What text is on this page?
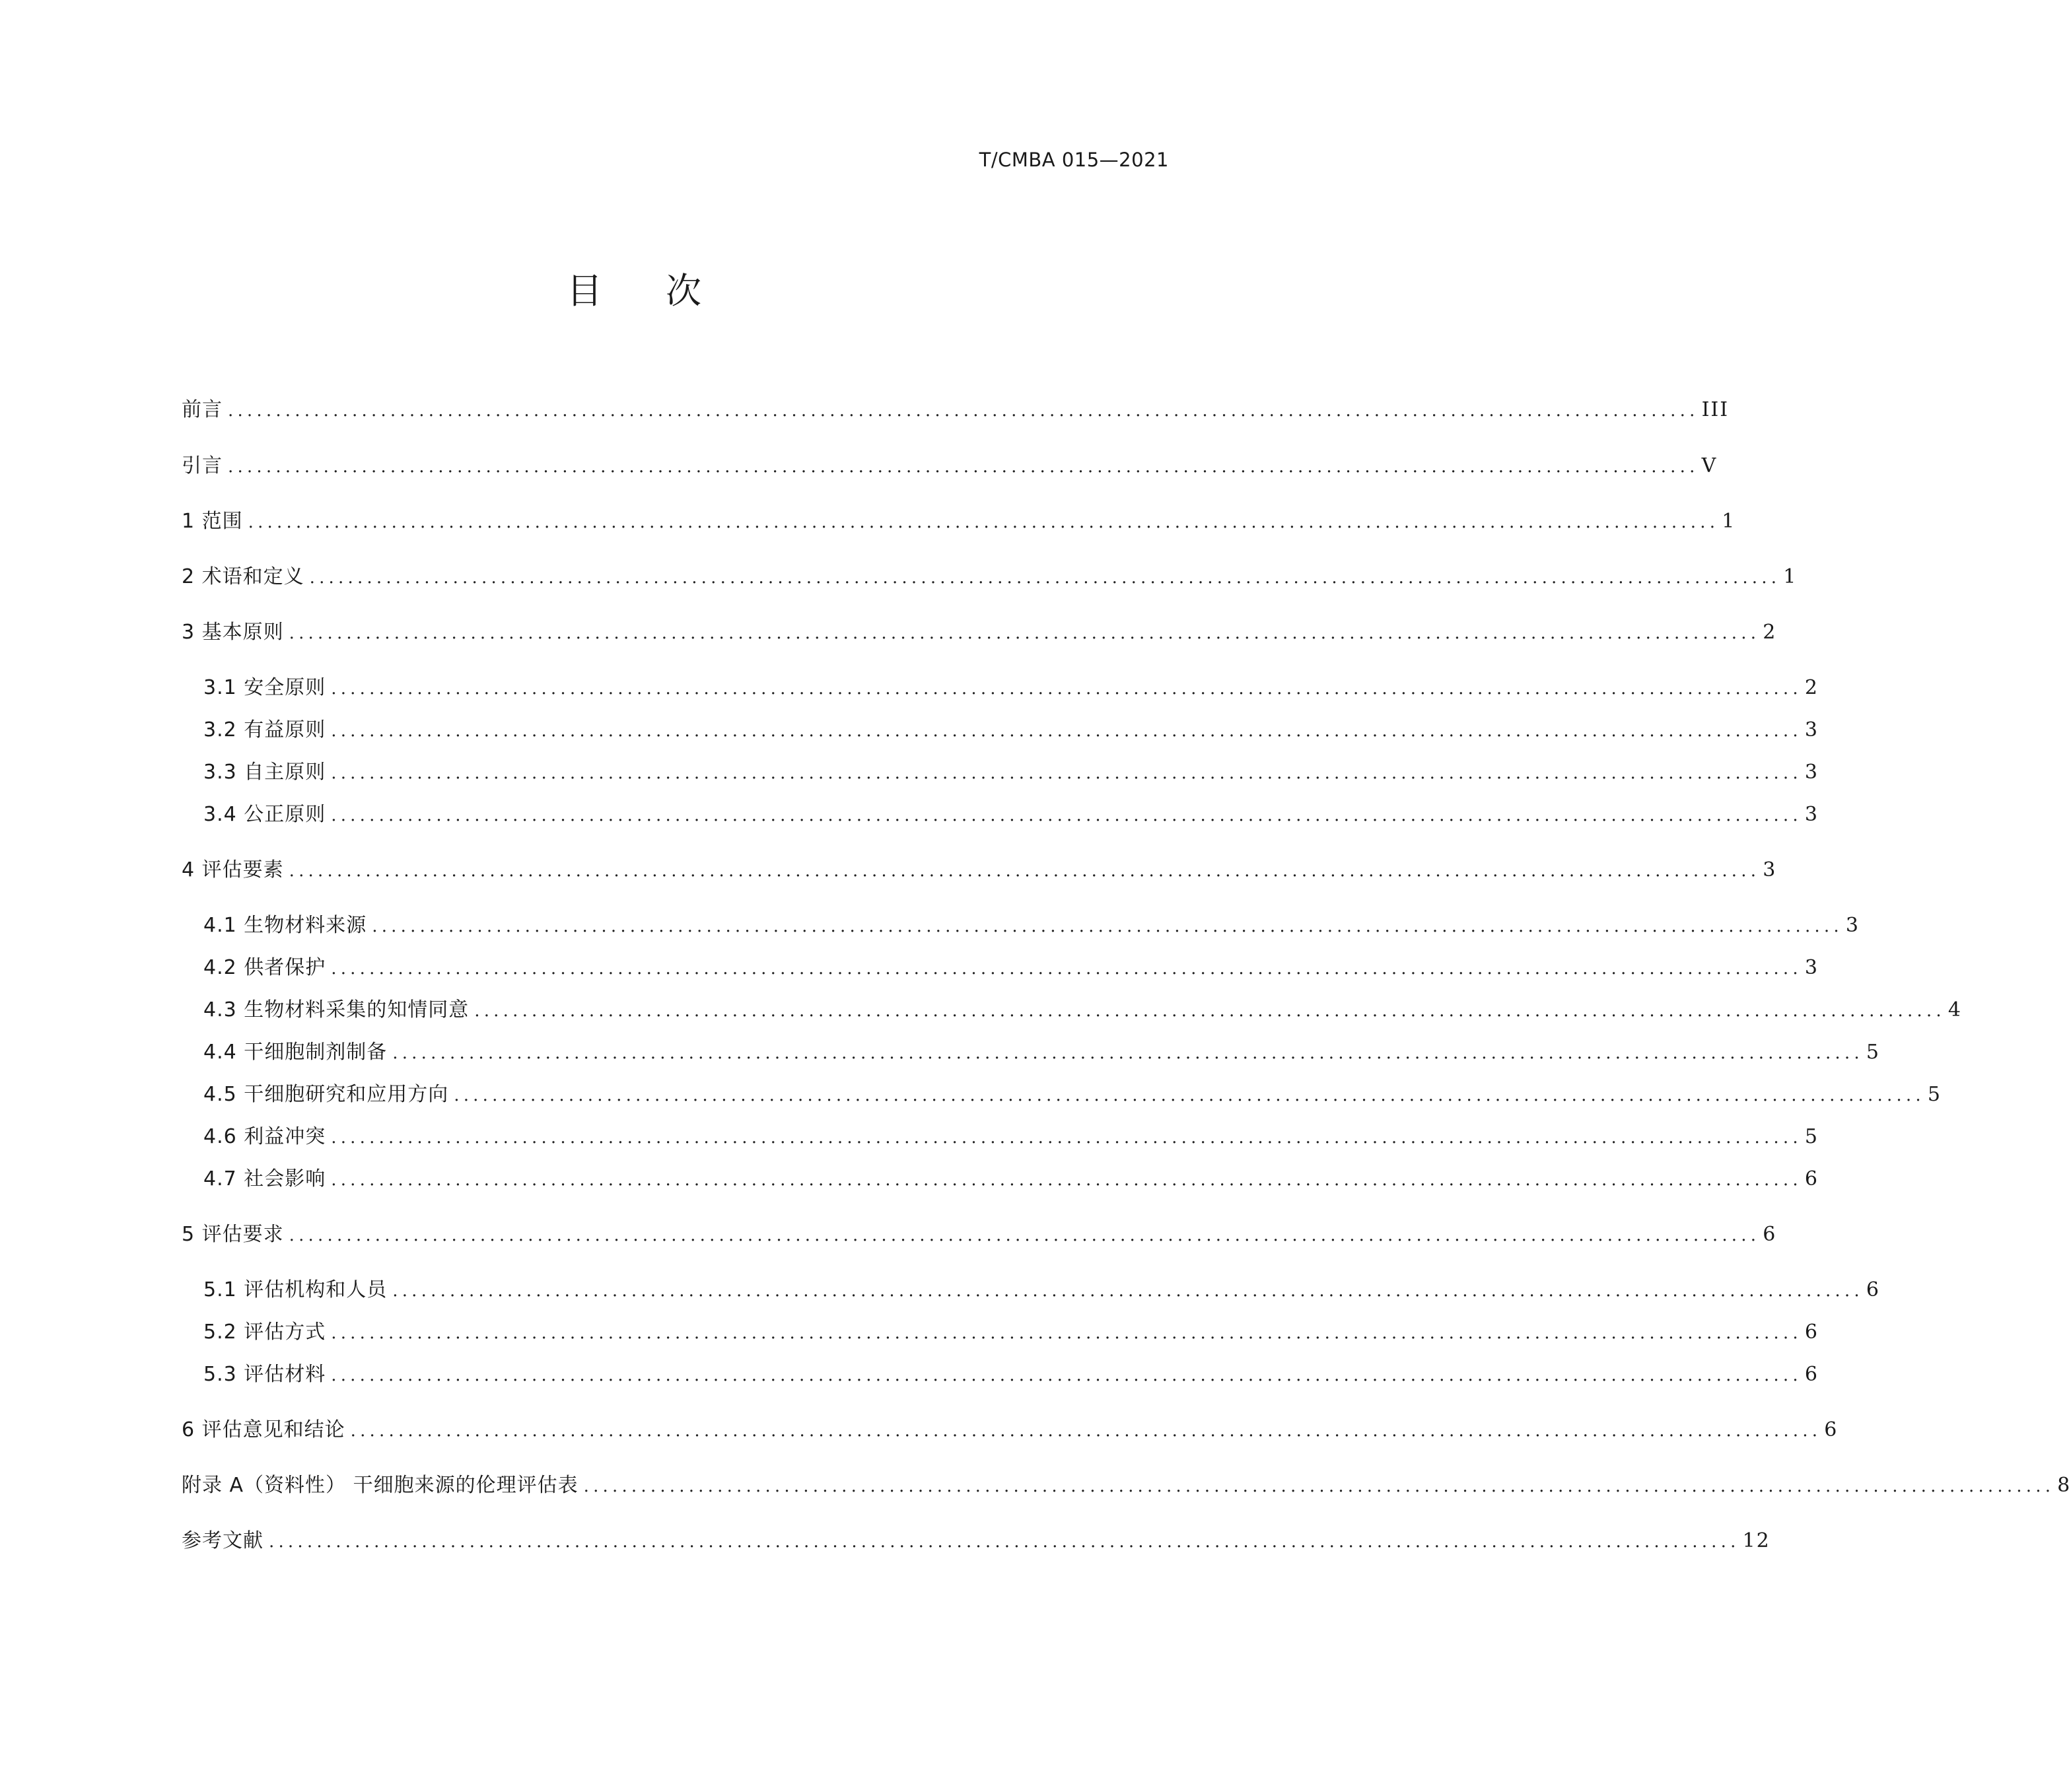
T/CMBA 015—2021
目 次
前言 .......................................................................................................................................................... III
引言 .......................................................................................................................................................... V
1 范围 .......................................................................................................................................................... 1
2 术语和定义 .......................................................................................................................................................... 1
3 基本原则 .......................................................................................................................................................... 2
3.1 安全原则 .......................................................................................................................................................... 2
3.2 有益原则 .......................................................................................................................................................... 3
3.3 自主原则 .......................................................................................................................................................... 3
3.4 公正原则 .......................................................................................................................................................... 3
4 评估要素 .......................................................................................................................................................... 3
4.1 生物材料来源 .......................................................................................................................................................... 3
4.2 供者保护 .......................................................................................................................................................... 3
4.3 生物材料采集的知情同意 .......................................................................................................................................................... 4
4.4 干细胞制剂制备 .......................................................................................................................................................... 5
4.5 干细胞研究和应用方向 .......................................................................................................................................................... 5
4.6 利益冲突 .......................................................................................................................................................... 5
4.7 社会影响 .......................................................................................................................................................... 6
5 评估要求 .......................................................................................................................................................... 6
5.1 评估机构和人员 .......................................................................................................................................................... 6
5.2 评估方式 .......................................................................................................................................................... 6
5.3 评估材料 .......................................................................................................................................................... 6
6 评估意见和结论 .......................................................................................................................................................... 6
附录 A（资料性） 干细胞来源的伦理评估表 .......................................................................................................................................................... 8
参考文献 .......................................................................................................................................................... 12
